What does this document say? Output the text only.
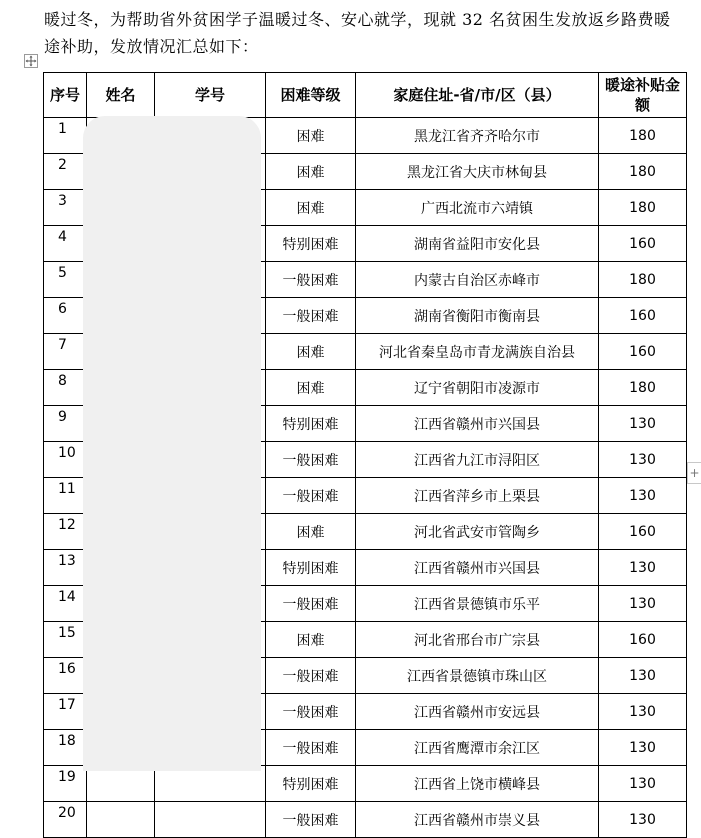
暖过冬，为帮助省外贫困学子温暖过冬、安心就学，现就 32 名贫困生发放返乡路费暖途补助，发放情况汇总如下：

序号	姓名	学号	困难等级	家庭住址-省/市/区（县）	暖途补贴金额
1			困难	黑龙江省齐齐哈尔市	180
2			困难	黑龙江省大庆市林甸县	180
3			困难	广西北流市六靖镇	180
4			特别困难	湖南省益阳市安化县	160
5			一般困难	内蒙古自治区赤峰市	180
6			一般困难	湖南省衡阳市衡南县	160
7			困难	河北省秦皇岛市青龙满族自治县	160
8			困难	辽宁省朝阳市凌源市	180
9			特别困难	江西省赣州市兴国县	130
10			一般困难	江西省九江市浔阳区	130
11			一般困难	江西省萍乡市上栗县	130
12			困难	河北省武安市管陶乡	160
13			特别困难	江西省赣州市兴国县	130
14			一般困难	江西省景德镇市乐平	130
15			困难	河北省邢台市广宗县	160
16			一般困难	江西省景德镇市珠山区	130
17			一般困难	江西省赣州市安远县	130
18			一般困难	江西省鹰潭市余江区	130
19			特别困难	江西省上饶市横峰县	130
20			一般困难	江西省赣州市崇义县	130
+
